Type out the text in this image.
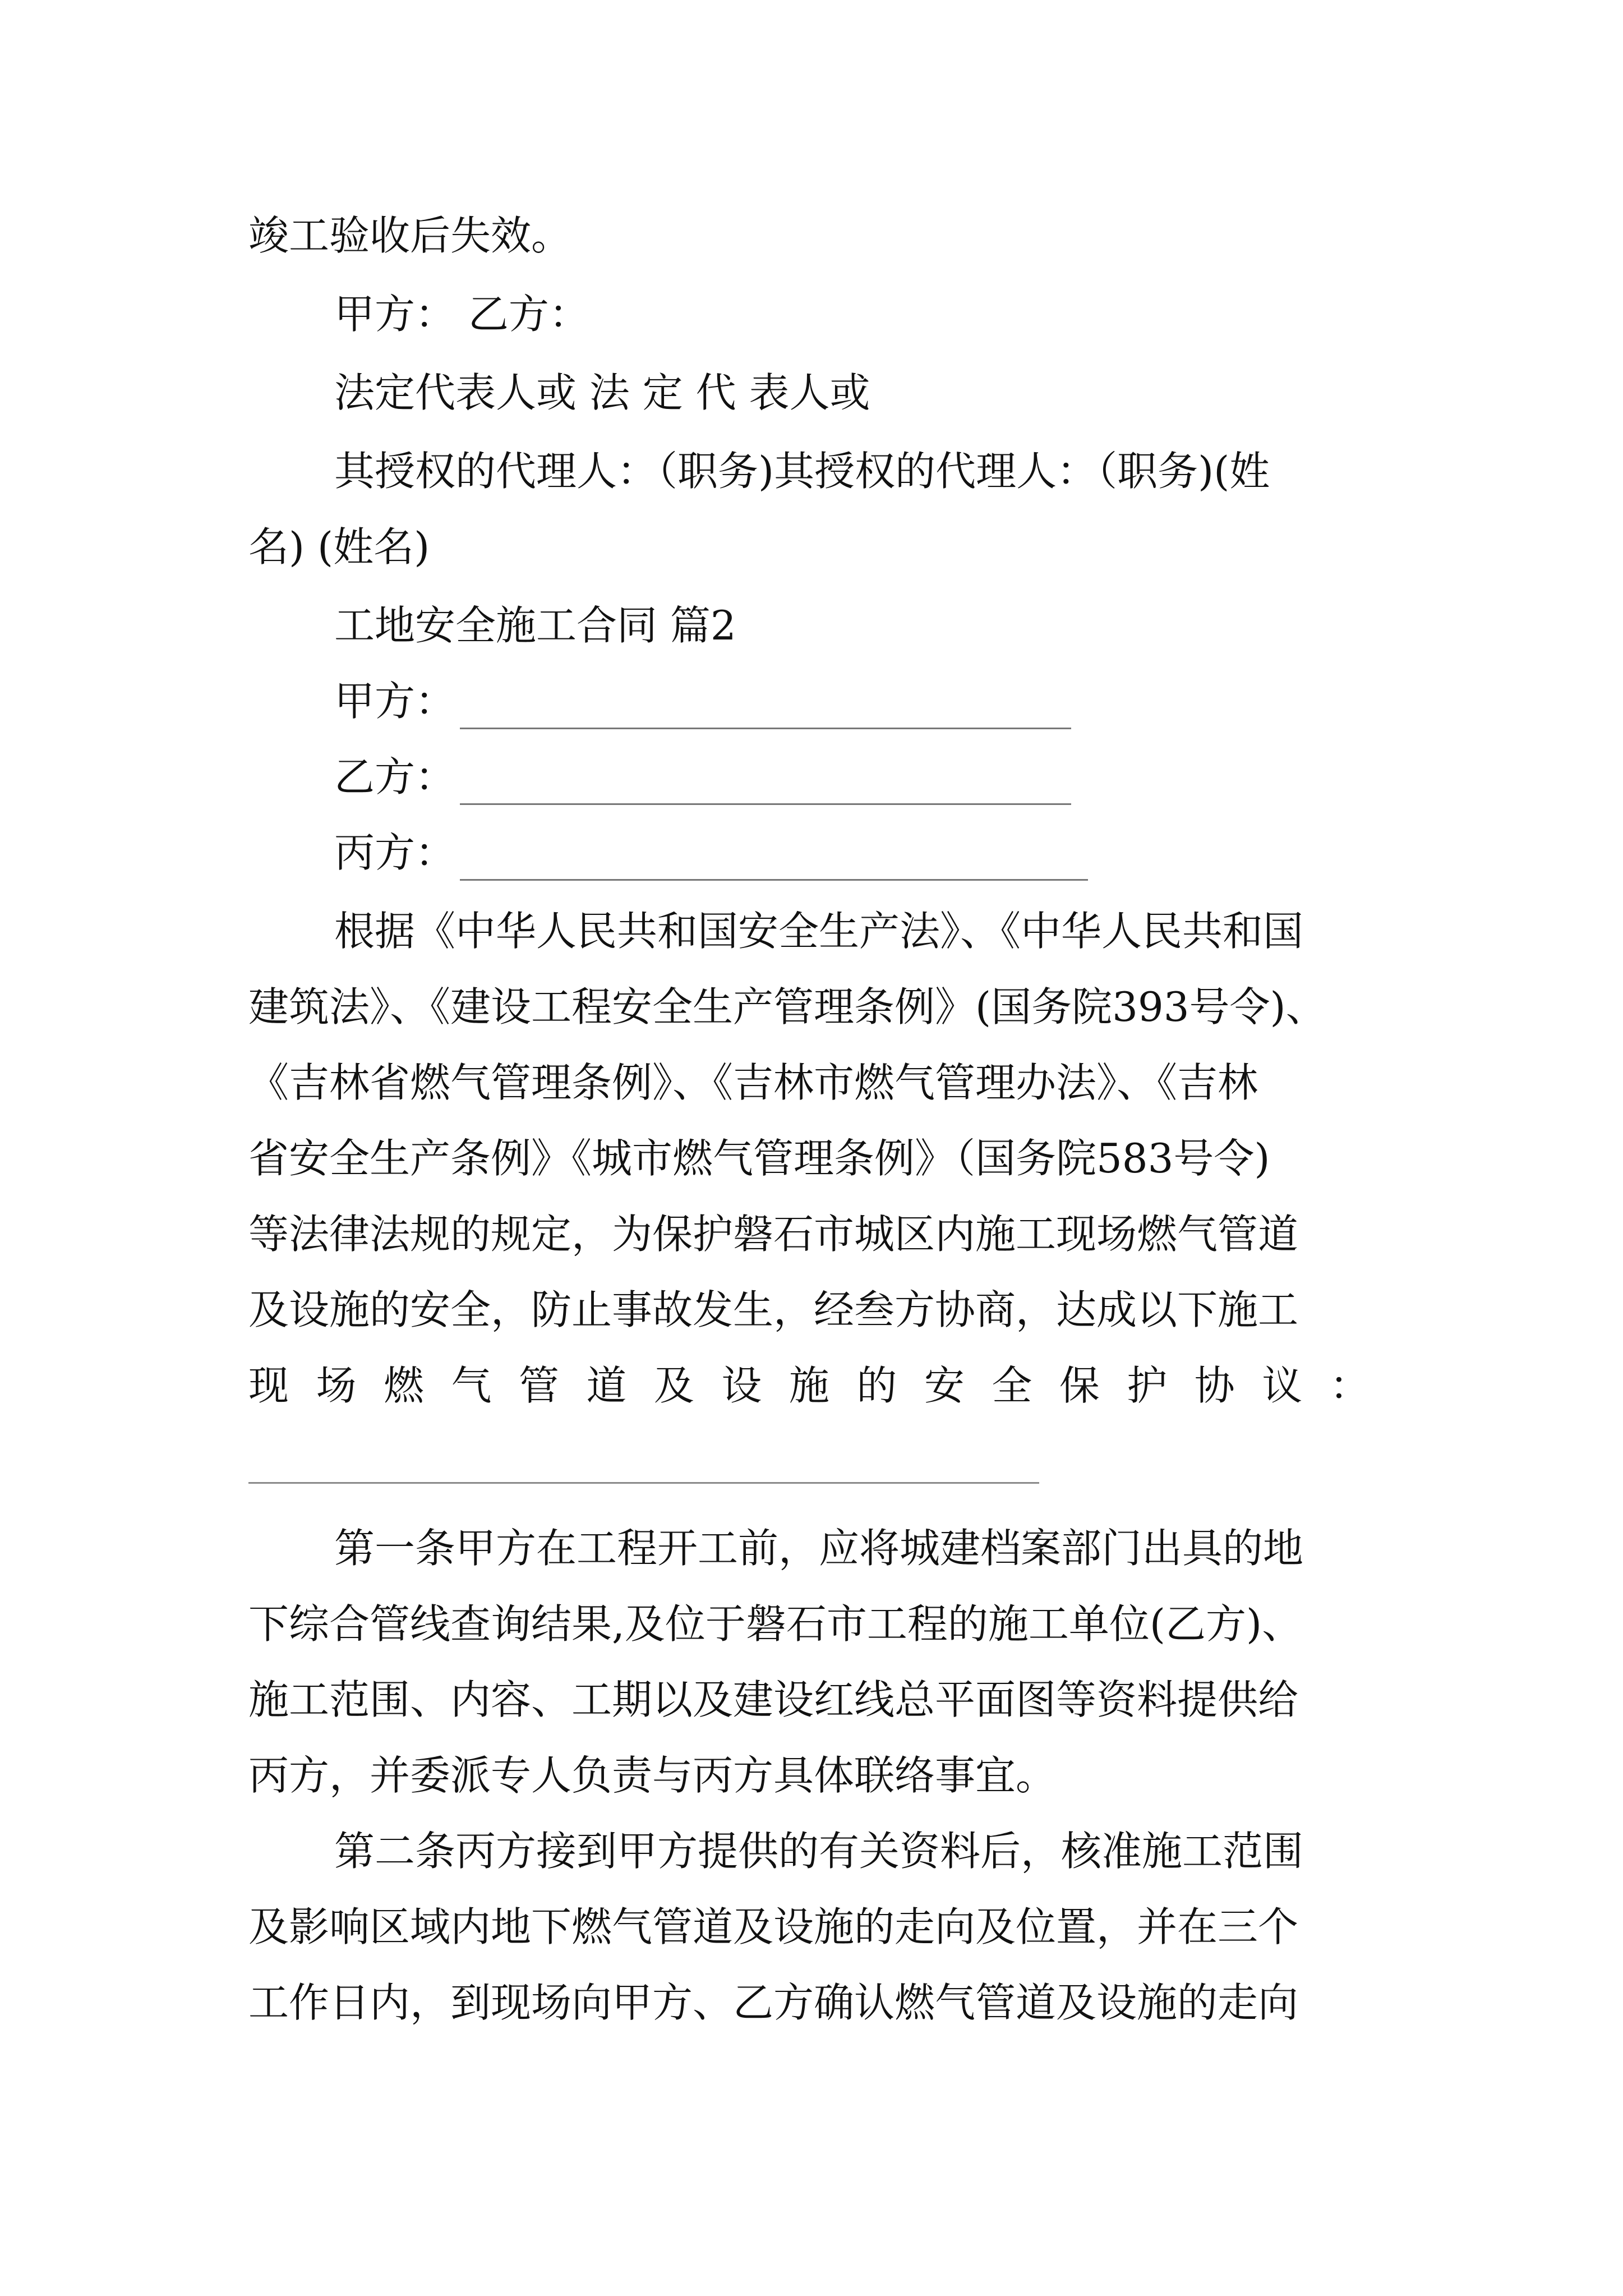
竣工验收后失效。
甲方： 乙方：
法定代表人或 法 定 代 表人或
其授权的代理人：（职务)其授权的代理人：（职务)(姓
名) (姓名)
工地安全施工合同 篇2
甲方：
乙方：
丙方：
根据《中华人民共和国安全生产法》、《中华人民共和国
建筑法》、《建设工程安全生产管理条例》(国务院393号令)、
《吉林省燃气管理条例》、《吉林市燃气管理办法》、《吉林
省安全生产条例》《城市燃气管理条例》（国务院583号令)
等法律法规的规定，为保护磐石市城区内施工现场燃气管道
及设施的安全，防止事故发生，经叁方协商，达成以下施工
现 场 燃 气 管 道 及 设 施 的 安 全 保 护 协 议 ：
第一条甲方在工程开工前，应将城建档案部门出具的地
下综合管线查询结果,及位于磐石市工程的施工单位(乙方)、
施工范围、内容、工期以及建设红线总平面图等资料提供给
丙方，并委派专人负责与丙方具体联络事宜。
第二条丙方接到甲方提供的有关资料后，核准施工范围
及影响区域内地下燃气管道及设施的走向及位置，并在三个
工作日内，到现场向甲方、乙方确认燃气管道及设施的走向
